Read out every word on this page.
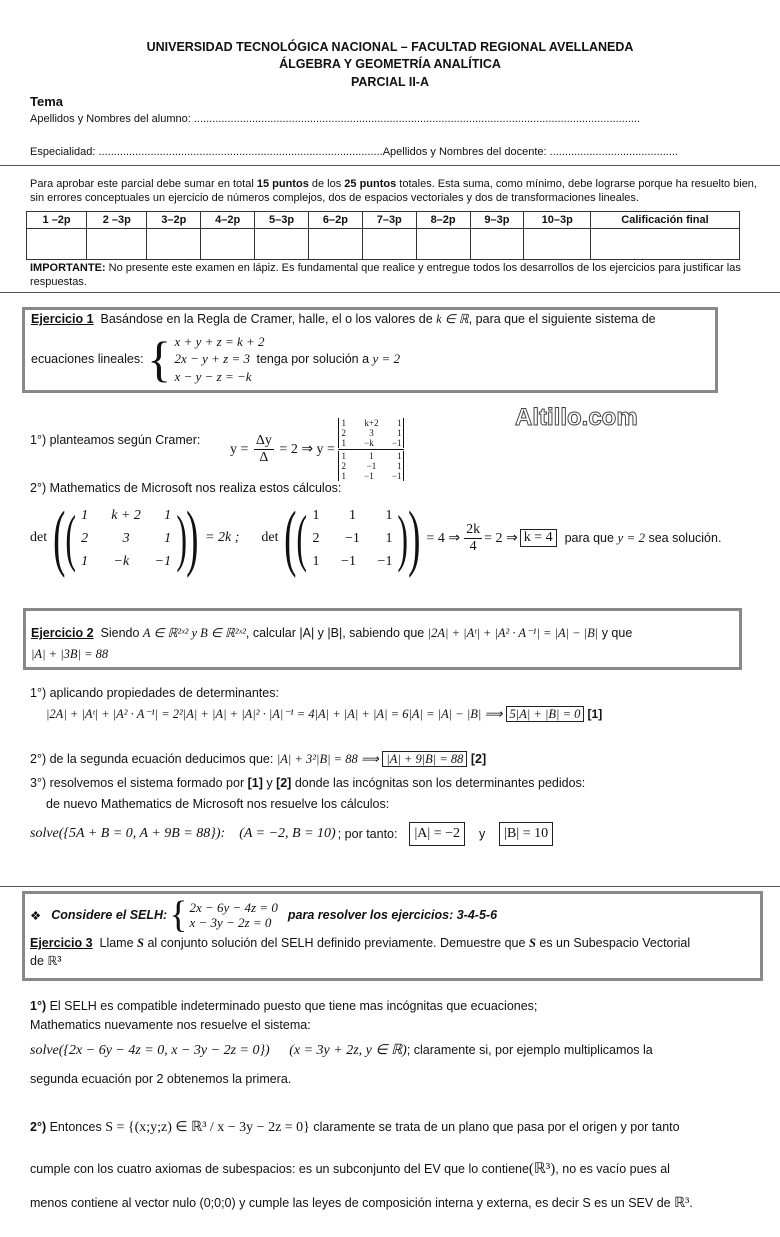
UNIVERSIDAD TECNOLÓGICA NACIONAL – FACULTAD REGIONAL AVELLANEDA
ÁLGEBRA Y GEOMETRÍA ANALÍTICA
PARCIAL II-A
Tema
Apellidos y Nombres del alumno: ..................................................................................................................................................
Especialidad: .............................................................................................Apellidos y Nombres del docente: ..........................................
Para aprobar este parcial debe sumar en total 15 puntos de los 25 puntos totales. Esta suma, como mínimo, debe lograrse porque ha resuelto bien, sin errores conceptuales un ejercicio de números complejos, dos de espacios vectoriales y dos de transformaciones lineales.
1 –2p	2 –3p	3–2p	4–2p	5–3p	6–2p	7–3p	8–2p	9–3p	10–3p	Calificación final

IMPORTANTE: No presente este examen en lápiz. Es fundamental que realice y entregue todos los desarrollos de los ejercicios para justificar las respuestas.
Ejercicio 1 Basándose en la Regla de Cramer, halle, el o los valores de k ∈ ℝ, para que el siguiente sistema de
ecuaciones lineales: { x + y + z = k + 2
2x − y + z = 3 tenga por solución a y = 2
x − y − z = −k
Altillo.com
1°) planteamos según Cramer:
$y = \frac{\Delta y}{\Delta} = 2$ ⇒ y = 1 k+2 1
2	3	1
1 −k −1
1	1	1
2 −1 1
1 −1 −1
2°) Mathematics de Microsoft nos realiza estos cálculos:
det ( ( 1 k + 2 1
2 3 1
1 −k −1 ) ) = 2k ; det ( ( 1 1 1
2 −1 1
1 −1 −1 ) ) = 4 ⇒ $\frac{2k}{4} = 2$ ⇒ k = 4 para que y = 2 sea solución.
Ejercicio 2 Siendo A ∈ ℝ²ˣ² y B ∈ ℝ²ˣ², calcular |A| y |B|, sabiendo que |2A| + |Aᵗ| + |A² · A⁻¹| = |A| − |B| y que
|A| + |3B| = 88
1°) aplicando propiedades de determinantes:
|2A| + |Aᵗ| + |A² · A⁻¹| = 2²|A| + |A| + |A|² · |A|⁻¹ = 4|A| + |A| + |A| = 6|A| = |A| − |B| ⟹ 5|A| + |B| = 0 [1]
2°) de la segunda ecuación deducimos que: |A| + 3²|B| = 88 ⟹ |A| + 9|B| = 88 [2]
3°) resolvemos el sistema formado por [1] y [2] donde las incógnitas son los determinantes pedidos:
de nuevo Mathematics de Microsoft nos resuelve los cálculos:
solve({5A + B = 0, A + 9B = 88}): (A = −2, B = 10) ; por tanto:	|A| = −2	y	|B| = 10
❖ Considere el SELH: { 2x − 6y − 4z = 0
x − 3y − 2z = 0	para resolver los ejercicios: 3-4-5-6
Ejercicio 3 Llame S al conjunto solución del SELH definido previamente. Demuestre que S es un Subespacio Vectorial
de ℝ³
1°) El SELH es compatible indeterminado puesto que tiene mas incógnitas que ecuaciones;
Mathematics nuevamente nos resuelve el sistema:
solve({2x − 6y − 4z = 0, x − 3y − 2z = 0}) (x = 3y + 2z, y ∈ ℝ); claramente si, por ejemplo multiplicamos la
segunda ecuación por 2 obtenemos la primera.
2°) Entonces S = {(x;y;z) ∈ ℝ³ / x − 3y − 2z = 0} claramente se trata de un plano que pasa por el origen y por tanto
cumple con los cuatro axiomas de subespacios: es un subconjunto del EV que lo contiene(ℝ³), no es vacío pues al
menos contiene al vector nulo (0;0;0) y cumple las leyes de composición interna y externa, es decir S es un SEV de ℝ³.
